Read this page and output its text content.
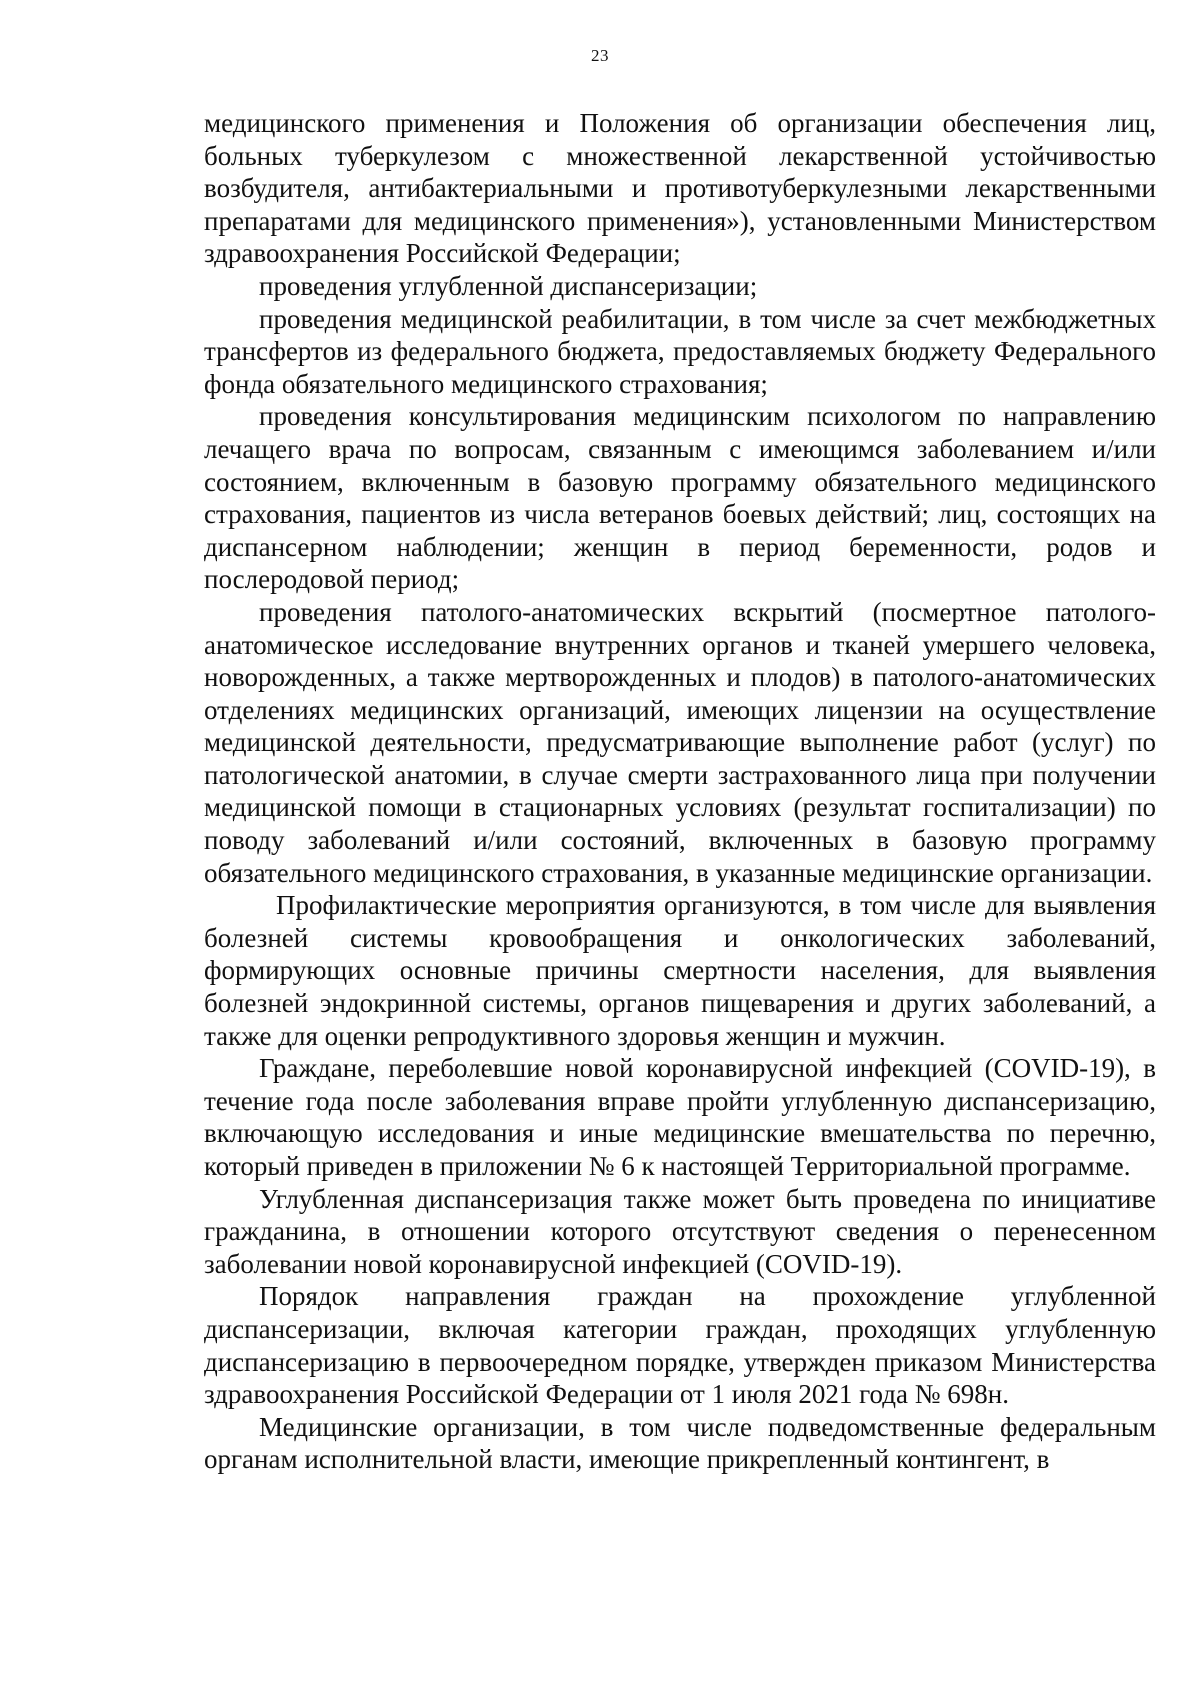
23

медицинского применения и Положения об организации обеспечения лиц, больных туберкулезом с множественной лекарственной устойчивостью возбудителя, антибактериальными и противотуберкулезными лекарственными препаратами для медицинского применения»), установленными Министерством здравоохранения Российской Федерации;

проведения углубленной диспансеризации;

проведения медицинской реабилитации, в том числе за счет межбюджетных трансфертов из федерального бюджета, предоставляемых бюджету Федерального фонда обязательного медицинского страхования;

проведения консультирования медицинским психологом по направлению лечащего врача по вопросам, связанным с имеющимся заболеванием и/или состоянием, включенным в базовую программу обязательного медицинского страхования, пациентов из числа ветеранов боевых действий; лиц, состоящих на диспансерном наблюдении; женщин в период беременности, родов и послеродовой период;

проведения патолого-анатомических вскрытий (посмертное патолого-анатомическое исследование внутренних органов и тканей умершего человека, новорожденных, а также мертворожденных и плодов) в патолого-анатомических отделениях медицинских организаций, имеющих лицензии на осуществление медицинской деятельности, предусматривающие выполнение работ (услуг) по патологической анатомии, в случае смерти застрахованного лица при получении медицинской помощи в стационарных условиях (результат госпитализации) по поводу заболеваний и/или состояний, включенных в базовую программу обязательного медицинского страхования, в указанные медицинские организации.

Профилактические мероприятия организуются, в том числе для выявления болезней системы кровообращения и онкологических заболеваний, формирующих основные причины смертности населения, для выявления болезней эндокринной системы, органов пищеварения и других заболеваний, а также для оценки репродуктивного здоровья женщин и мужчин.

Граждане, переболевшие новой коронавирусной инфекцией (COVID-19), в течение года после заболевания вправе пройти углубленную диспансеризацию, включающую исследования и иные медицинские вмешательства по перечню, который приведен в приложении № 6 к настоящей Территориальной программе.

Углубленная диспансеризация также может быть проведена по инициативе гражданина, в отношении которого отсутствуют сведения о перенесенном заболевании новой коронавирусной инфекцией (COVID-19).

Порядок направления граждан на прохождение углубленной диспансеризации, включая категории граждан, проходящих углубленную диспансеризацию в первоочередном порядке, утвержден приказом Министерства здравоохранения Российской Федерации от 1 июля 2021 года № 698н.

Медицинские организации, в том числе подведомственные федеральным органам исполнительной власти, имеющие прикрепленный контингент, в
